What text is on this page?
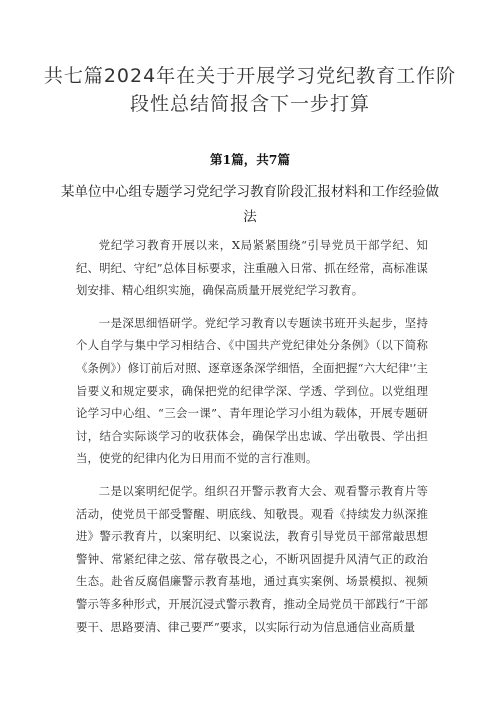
共七篇2024年在关于开展学习党纪教育工作阶段性总结简报含下一步打算
第1篇，共7篇
某单位中心组专题学习党纪学习教育阶段汇报材料和工作经验做法

党纪学习教育开展以来，X局紧紧围绕“引导党员干部学纪、知纪、明纪、守纪”总体目标要求，注重融入日常、抓在经常，高标准谋划安排、精心组织实施，确保高质量开展党纪学习教育。

一是深思细悟研学。党纪学习教育以专题读书班开头起步，坚持个人自学与集中学习相结合、《中国共产党纪律处分条例》（以下简称《条例》）修订前后对照、逐章逐条深学细悟，全面把握“六大纪律'’主旨要义和规定要求，确保把党的纪律学深、学透、学到位。以党组理论学习中心组、“三会一课”、青年理论学习小组为载体，开展专题研讨，结合实际谈学习的收获体会，确保学出忠诚、学出敬畏、学出担当，使党的纪律内化为日用而不觉的言行准则。

二是以案明纪促学。组织召开警示教育大会、观看警示教育片等活动，使党员干部受警醒、明底线、知敬畏。观看《持续发力纵深推进》警示教育片，以案明纪、以案说法，教育引导党员干部常敲思想警钟、常紧纪律之弦、常存敬畏之心，不断巩固提升风清气正的政治生态。赴省反腐倡廉警示教育基地，通过真实案例、场景模拟、视频警示等多种形式，开展沉浸式警示教育，推动全局党员干部践行“干部要干、思路要清、律己要严”要求，以实际行动为信息通信业高质量
